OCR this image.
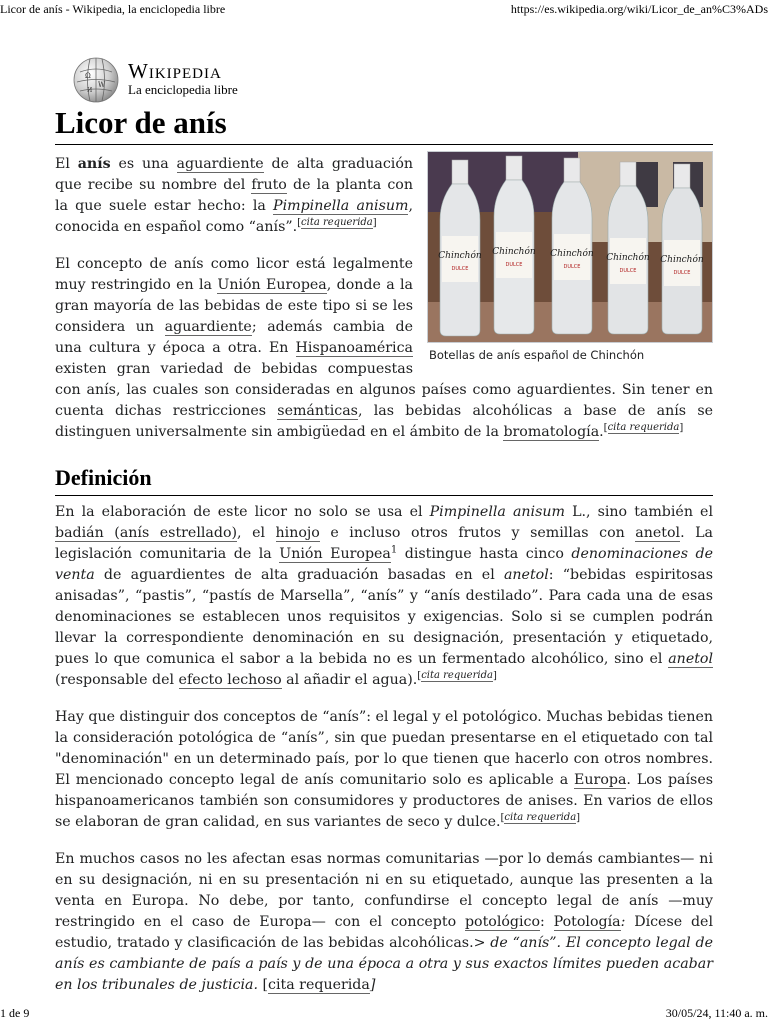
Licor de anís - Wikipedia, la enciclopedia libre	https://es.wikipedia.org/wiki/Licor_de_an%C3%ADs
Ω
W
И
Wikipedia
La enciclopedia libre
Licor de anís
Chinchón
DULCE
Chinchón
DULCE
Chinchón
DULCE
Chinchón
DULCE
Chinchón
DULCE
Botellas de anís español de Chinchón

El anís es una aguardiente de alta graduación que recibe su nombre del fruto de la planta con la que suele estar hecho: la Pimpinella anisum, conocida en español como “anís”.[cita requerida]

El concepto de anís como licor está legalmente muy restringido en la Unión Europea, donde a la gran mayoría de las bebidas de este tipo si se les considera un aguardiente; además cambia de una cultura y época a otra. En Hispanoamérica existen gran variedad de bebidas compuestas con anís, las cuales son consideradas en algunos países como aguardientes. Sin tener en cuenta dichas restricciones semánticas, las bebidas alcohólicas a base de anís se distinguen universalmente sin ambigüedad en el ámbito de la bromatología.[cita requerida]

Definición

En la elaboración de este licor no solo se usa el Pimpinella anisum L., sino también el badián (anís estrellado), el hinojo e incluso otros frutos y semillas con anetol. La legislación comunitaria de la Unión Europea$^1$ distingue hasta cinco denominaciones de venta de aguardientes de alta graduación basadas en el anetol: “bebidas espiritosas anisadas”, “pastis”, “pastís de Marsella”, “anís” y “anís destilado”. Para cada una de esas denominaciones se establecen unos requisitos y exigencias. Solo si se cumplen podrán llevar la correspondiente denominación en su designación, presentación y etiquetado, pues lo que comunica el sabor a la bebida no es un fermentado alcohólico, sino el anetol (responsable del efecto lechoso al añadir el agua).[cita requerida]

Hay que distinguir dos conceptos de “anís”: el legal y el potológico. Muchas bebidas tienen la consideración potológica de “anís”, sin que puedan presentarse en el etiquetado con tal "denominación" en un determinado país, por lo que tienen que hacerlo con otros nombres. El mencionado concepto legal de anís comunitario solo es aplicable a Europa. Los países hispanoamericanos también son consumidores y productores de anises. En varios de ellos se elaboran de gran calidad, en sus variantes de seco y dulce.[cita requerida]

En muchos casos no les afectan esas normas comunitarias —por lo demás cambiantes— ni en su designación, ni en su presentación ni en su etiquetado, aunque las presenten a la venta en Europa. No debe, por tanto, confundirse el concepto legal de anís —muy restringido en el caso de Europa— con el concepto potológico: Potología: Dícese del estudio, tratado y clasificación de las bebidas alcohólicas.> de “anís”. El concepto legal de anís es cambiante de país a país y de una época a otra y sus exactos límites pueden acabar en los tribunales de justicia. [cita requerida]

1 de 9	30/05/24, 11:40 a. m.
